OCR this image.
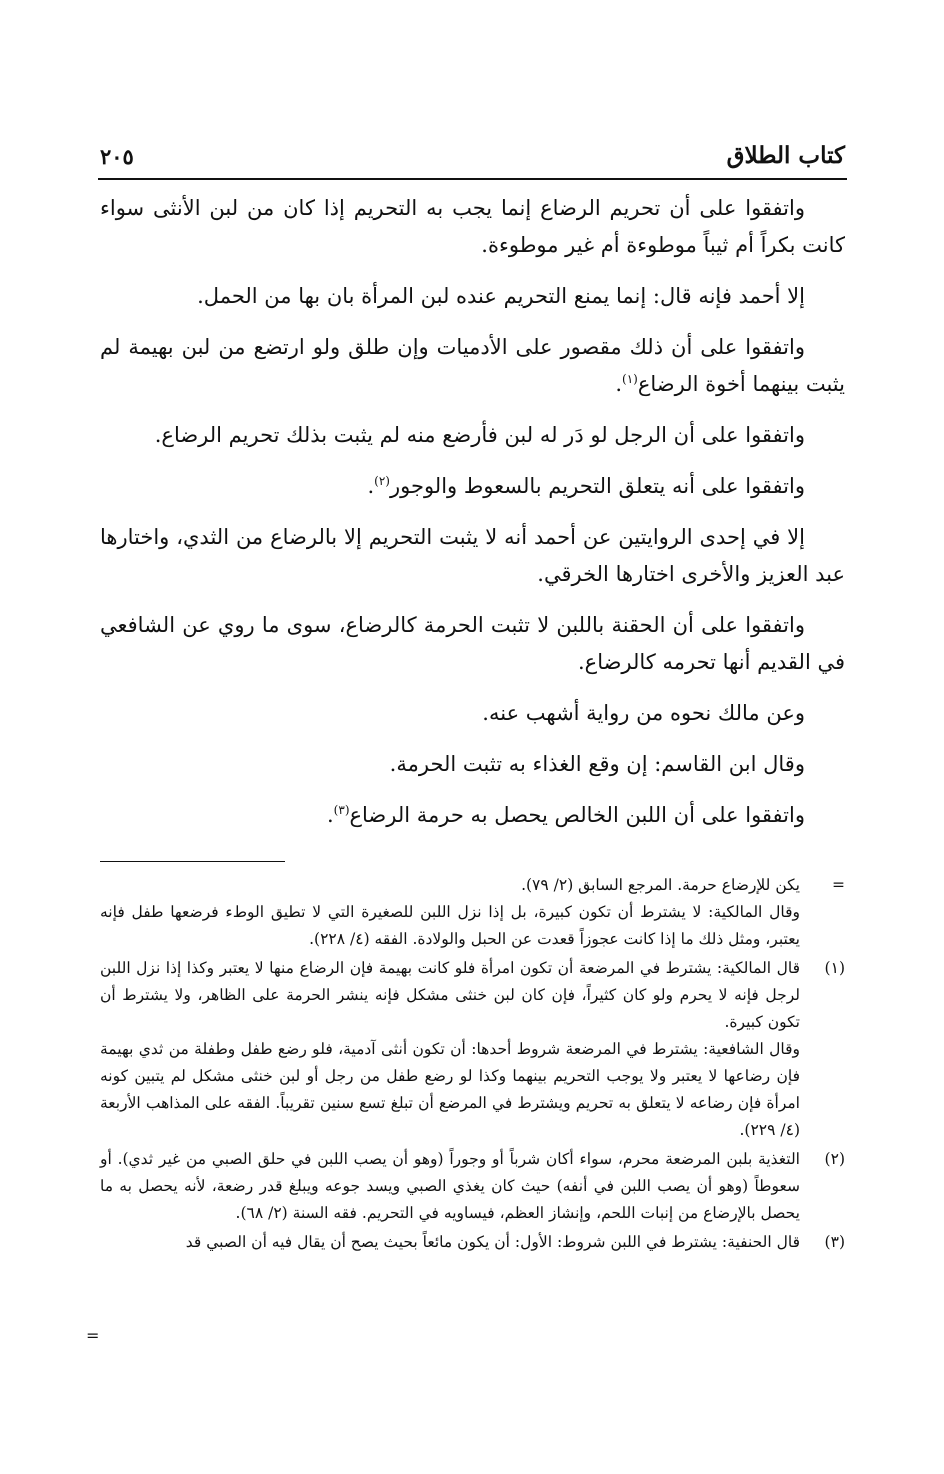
كتاب الطلاق
٢٠٥

واتفقوا على أن تحريم الرضاع إنما يجب به التحريم إذا كان من لبن الأنثى سواء كانت بكراً أم ثيباً موطوءة أم غير موطوءة.

إلا أحمد فإنه قال: إنما يمنع التحريم عنده لبن المرأة بان بها من الحمل.

واتفقوا على أن ذلك مقصور على الأدميات وإن طلق ولو ارتضع من لبن بهيمة لم يثبت بينهما أخوة الرضاع$^{(١)}$.

واتفقوا على أن الرجل لو دَر له لبن فأرضع منه لم يثبت بذلك تحريم الرضاع.

واتفقوا على أنه يتعلق التحريم بالسعوط والوجور$^{(٢)}$.

إلا في إحدى الروايتين عن أحمد أنه لا يثبت التحريم إلا بالرضاع من الثدي، واختارها عبد العزيز والأخرى اختارها الخرقي.

واتفقوا على أن الحقنة باللبن لا تثبت الحرمة كالرضاع، سوى ما روي عن الشافعي في القديم أنها تحرمه كالرضاع.

وعن مالك نحوه من رواية أشهب عنه.

وقال ابن القاسم: إن وقع الغذاء به تثبت الحرمة.

واتفقوا على أن اللبن الخالص يحصل به حرمة الرضاع$^{(٣)}$.

=
يكن للإرضاع حرمة. المرجع السابق (٢/ ٧٩).

وقال المالكية: لا يشترط أن تكون كبيرة، بل إذا نزل اللبن للصغيرة التي لا تطيق الوطء فرضعها طفل فإنه يعتبر، ومثل ذلك ما إذا كانت عجوزاً قعدت عن الحبل والولادة. الفقه (٤/ ٢٢٨).

(١)
قال المالكية: يشترط في المرضعة أن تكون امرأة فلو كانت بهيمة فإن الرضاع منها لا يعتبر وكذا إذا نزل اللبن لرجل فإنه لا يحرم ولو كان كثيراً، فإن كان لبن خنثى مشكل فإنه ينشر الحرمة على الظاهر، ولا يشترط أن تكون كبيرة.

وقال الشافعية: يشترط في المرضعة شروط أحدها: أن تكون أنثى آدمية، فلو رضع طفل وطفلة من ثدي بهيمة فإن رضاعها لا يعتبر ولا يوجب التحريم بينهما وكذا لو رضع طفل من رجل أو لبن خنثى مشكل لم يتبين كونه امرأة فإن رضاعه لا يتعلق به تحريم ويشترط في المرضع أن تبلغ تسع سنين تقريباً. الفقه على المذاهب الأربعة (٤/ ٢٢٩).

(٢)
التغذية بلبن المرضعة محرم، سواء أكان شرباً أو وجوراً (وهو أن يصب اللبن في حلق الصبي من غير ثدي). أو سعوطاً (وهو أن يصب اللبن في أنفه) حيث كان يغذي الصبي ويسد جوعه ويبلغ قدر رضعة، لأنه يحصل به ما يحصل بالإرضاع من إنبات اللحم، وإنشاز العظم، فيساويه في التحريم. فقه السنة (٢/ ٦٨).

(٣)
قال الحنفية: يشترط في اللبن شروط: الأول: أن يكون مائعاً بحيث يصح أن يقال فيه أن الصبي قد

=
